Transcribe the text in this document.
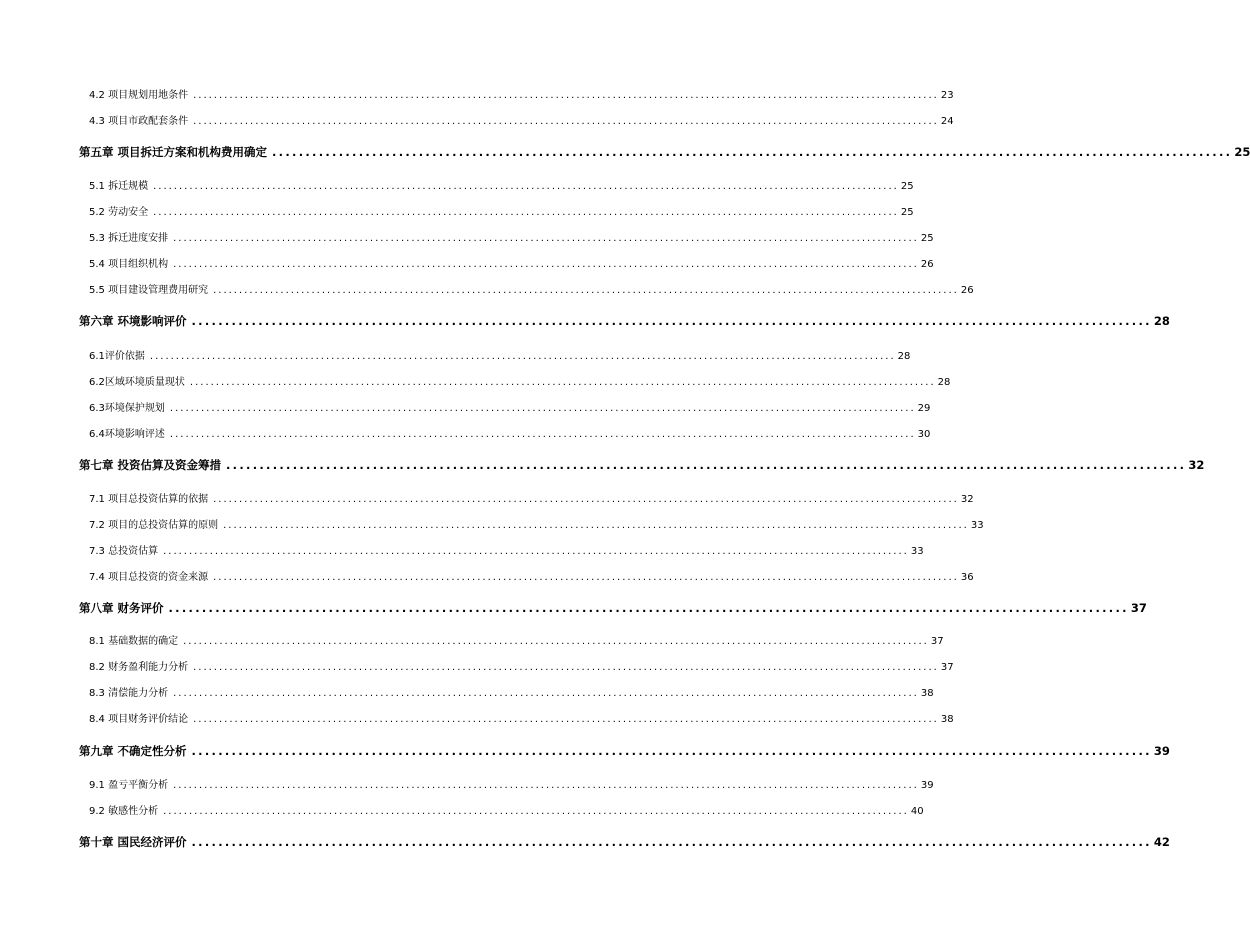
4.2 项目规划用地条件 ................................................................................................................................................ 23
4.3 项目市政配套条件 ................................................................................................................................................ 24
第五章 项目拆迁方案和机构费用确定 ................................................................................................................................................ 25
5.1 拆迁规模 ................................................................................................................................................ 25
5.2 劳动安全 ................................................................................................................................................ 25
5.3 拆迁进度安排 ................................................................................................................................................ 25
5.4 项目组织机构 ................................................................................................................................................ 26
5.5 项目建设管理费用研究 ................................................................................................................................................ 26
第六章 环境影响评价 ................................................................................................................................................ 28
6.1评价依据 ................................................................................................................................................ 28
6.2区域环境质量现状 ................................................................................................................................................ 28
6.3环境保护规划 ................................................................................................................................................ 29
6.4环境影响评述 ................................................................................................................................................ 30
第七章 投资估算及资金筹措 ................................................................................................................................................ 32
7.1 项目总投资估算的依据 ................................................................................................................................................ 32
7.2 项目的总投资估算的原则 ................................................................................................................................................ 33
7.3 总投资估算 ................................................................................................................................................ 33
7.4 项目总投资的资金来源 ................................................................................................................................................ 36
第八章 财务评价 ................................................................................................................................................ 37
8.1 基础数据的确定 ................................................................................................................................................ 37
8.2 财务盈利能力分析 ................................................................................................................................................ 37
8.3 清偿能力分析 ................................................................................................................................................ 38
8.4 项目财务评价结论 ................................................................................................................................................ 38
第九章 不确定性分析 ................................................................................................................................................ 39
9.1 盈亏平衡分析 ................................................................................................................................................ 39
9.2 敏感性分析 ................................................................................................................................................ 40
第十章 国民经济评价 ................................................................................................................................................ 42
